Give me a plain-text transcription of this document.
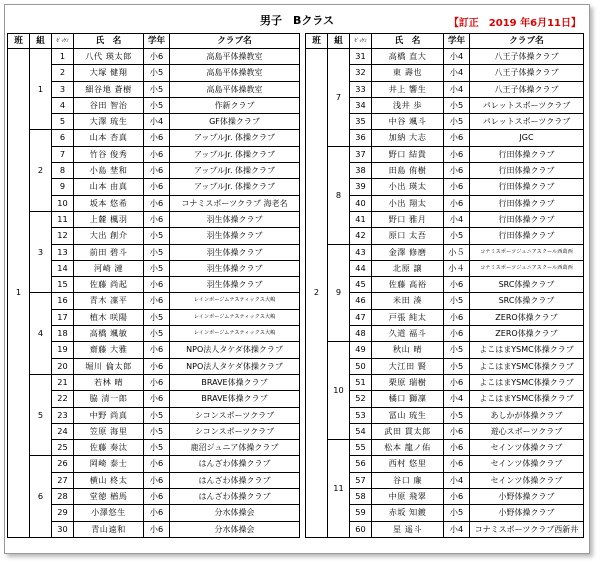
男子　Bクラス	【訂正　2019 年6月11日】
班	組	ｾﾞｯｹﾝ	氏　名	学年	クラブ名
1	1	1	八代 瑛太郎	小6	高島平体操教室
		2	大塚 健翔	小5	高島平体操教室
		3	細谷地 蒼樹	小5	高島平体操教室
		4	谷田 智治	小5	作新クラブ
		5	大澤 琉生	小4	GF体操クラブ
	2	6	山本 杏真	小6	アップルJr. 体操クラブ
		7	竹谷 俊秀	小6	アップルJr. 体操クラブ
		8	小島 埜和	小6	アップルJr. 体操クラブ
		9	山本 由真	小6	アップルJr. 体操クラブ
		10	坂本 悠希	小6	コナミスポーツクラブ 海老名
	3	11	上麓 楓羽	小6	羽生体操クラブ
		12	大出 創介	小5	羽生体操クラブ
		13	前田 碧斗	小5	羽生体操クラブ
		14	河崎 漣	小5	羽生体操クラブ
		15	佐藤 尚起	小6	羽生体操クラブ
	4	16	青木 凜平	小6	レインボージムナスティックス大嶋
		17	植木 咲陽	小5	レインボージムナスティックス大嶋
		18	高橋 颯敏	小5	レインボージムナスティックス大嶋
		19	齋藤 大雅	小6	NPO法人タケダ体操クラブ
		20	堀川 倫太郎	小6	NPO法人タケダ体操クラブ
	5	21	若林 晴	小6	BRAVE体操クラブ
		22	脇 清一郎	小6	BRAVE体操クラブ
		23	中野 尚真	小5	シコンスポーツクラブ
		24	笠原 海里	小5	シコンスポーツクラブ
		25	佐藤 奏汰	小5	鹿沼ジュニア体操クラブ
	6	26	岡崎 泰士	小6	はんざわ体操クラブ
		27	横山 柊太	小6	はんざわ体操クラブ
		28	堂徳 楢馬	小6	はんざわ体操クラブ
		29	小澤悠生	小6	分水体操会
		30	青山遠和	小6	分水体操会
班	組	ｾﾞｯｹﾝ	氏　名	学年	クラブ名
2	7	31	高橋 直大	小4	八王子体操クラブ
		32	東 壽也	小4	八王子体操クラブ
		33	井上 響生	小4	八王子体操クラブ
		34	浅井 歩	小5	パレットスポーツクラブ
		35	中谷 颯斗	小5	パレットスポーツクラブ
		36	加納 大志	小6	JGC
	8	37	野口 結貴	小6	行田体操クラブ
		38	田島 侑樹	小6	行田体操クラブ
		39	小出 瑛太	小6	行田体操クラブ
		40	小出 翔太	小6	行田体操クラブ
		41	野口 雅月	小4	行田体操クラブ
		42	原口 太吾	小5	行田体操クラブ
	9	43	金澤 修磨	小５	コナミスポーツジュニアスクール西葛西
		44	北原 譲	小４	コナミスポーツジュニアスクール西葛西
		45	佐藤 高裕	小6	SRC体操クラブ
		46	米田 湊	小5	SRC体操クラブ
		47	戸張 純太	小6	ZERO体操クラブ
		48	久道 福斗	小6	ZERO体操クラブ
	10	49	秋山 晴	小5	よこはまYSMC体操クラブ
		50	大江田 賢	小5	よこはまYSMC体操クラブ
		51	栗原 瑞樹	小6	よこはまYSMC体操クラブ
		52	橘口 獅凜	小4	よこはまYSMC体操クラブ
		53	冨山 琉生	小5	あしかが体操クラブ
		54	武田 貫太郎	小6	遊心スポーツクラブ
	11	55	松本 龍ノ佑	小6	セインツ体操クラブ
		56	西村 悠里	小6	セインツ体操クラブ
		57	谷口 廉	小4	セインツ体操クラブ
		58	中原 飛翠	小6	小野体操クラブ
		59	赤坂 知鍍	小5	小野体操クラブ
		60	星 遥斗	小4	コナミスポーツクラブ西新井
